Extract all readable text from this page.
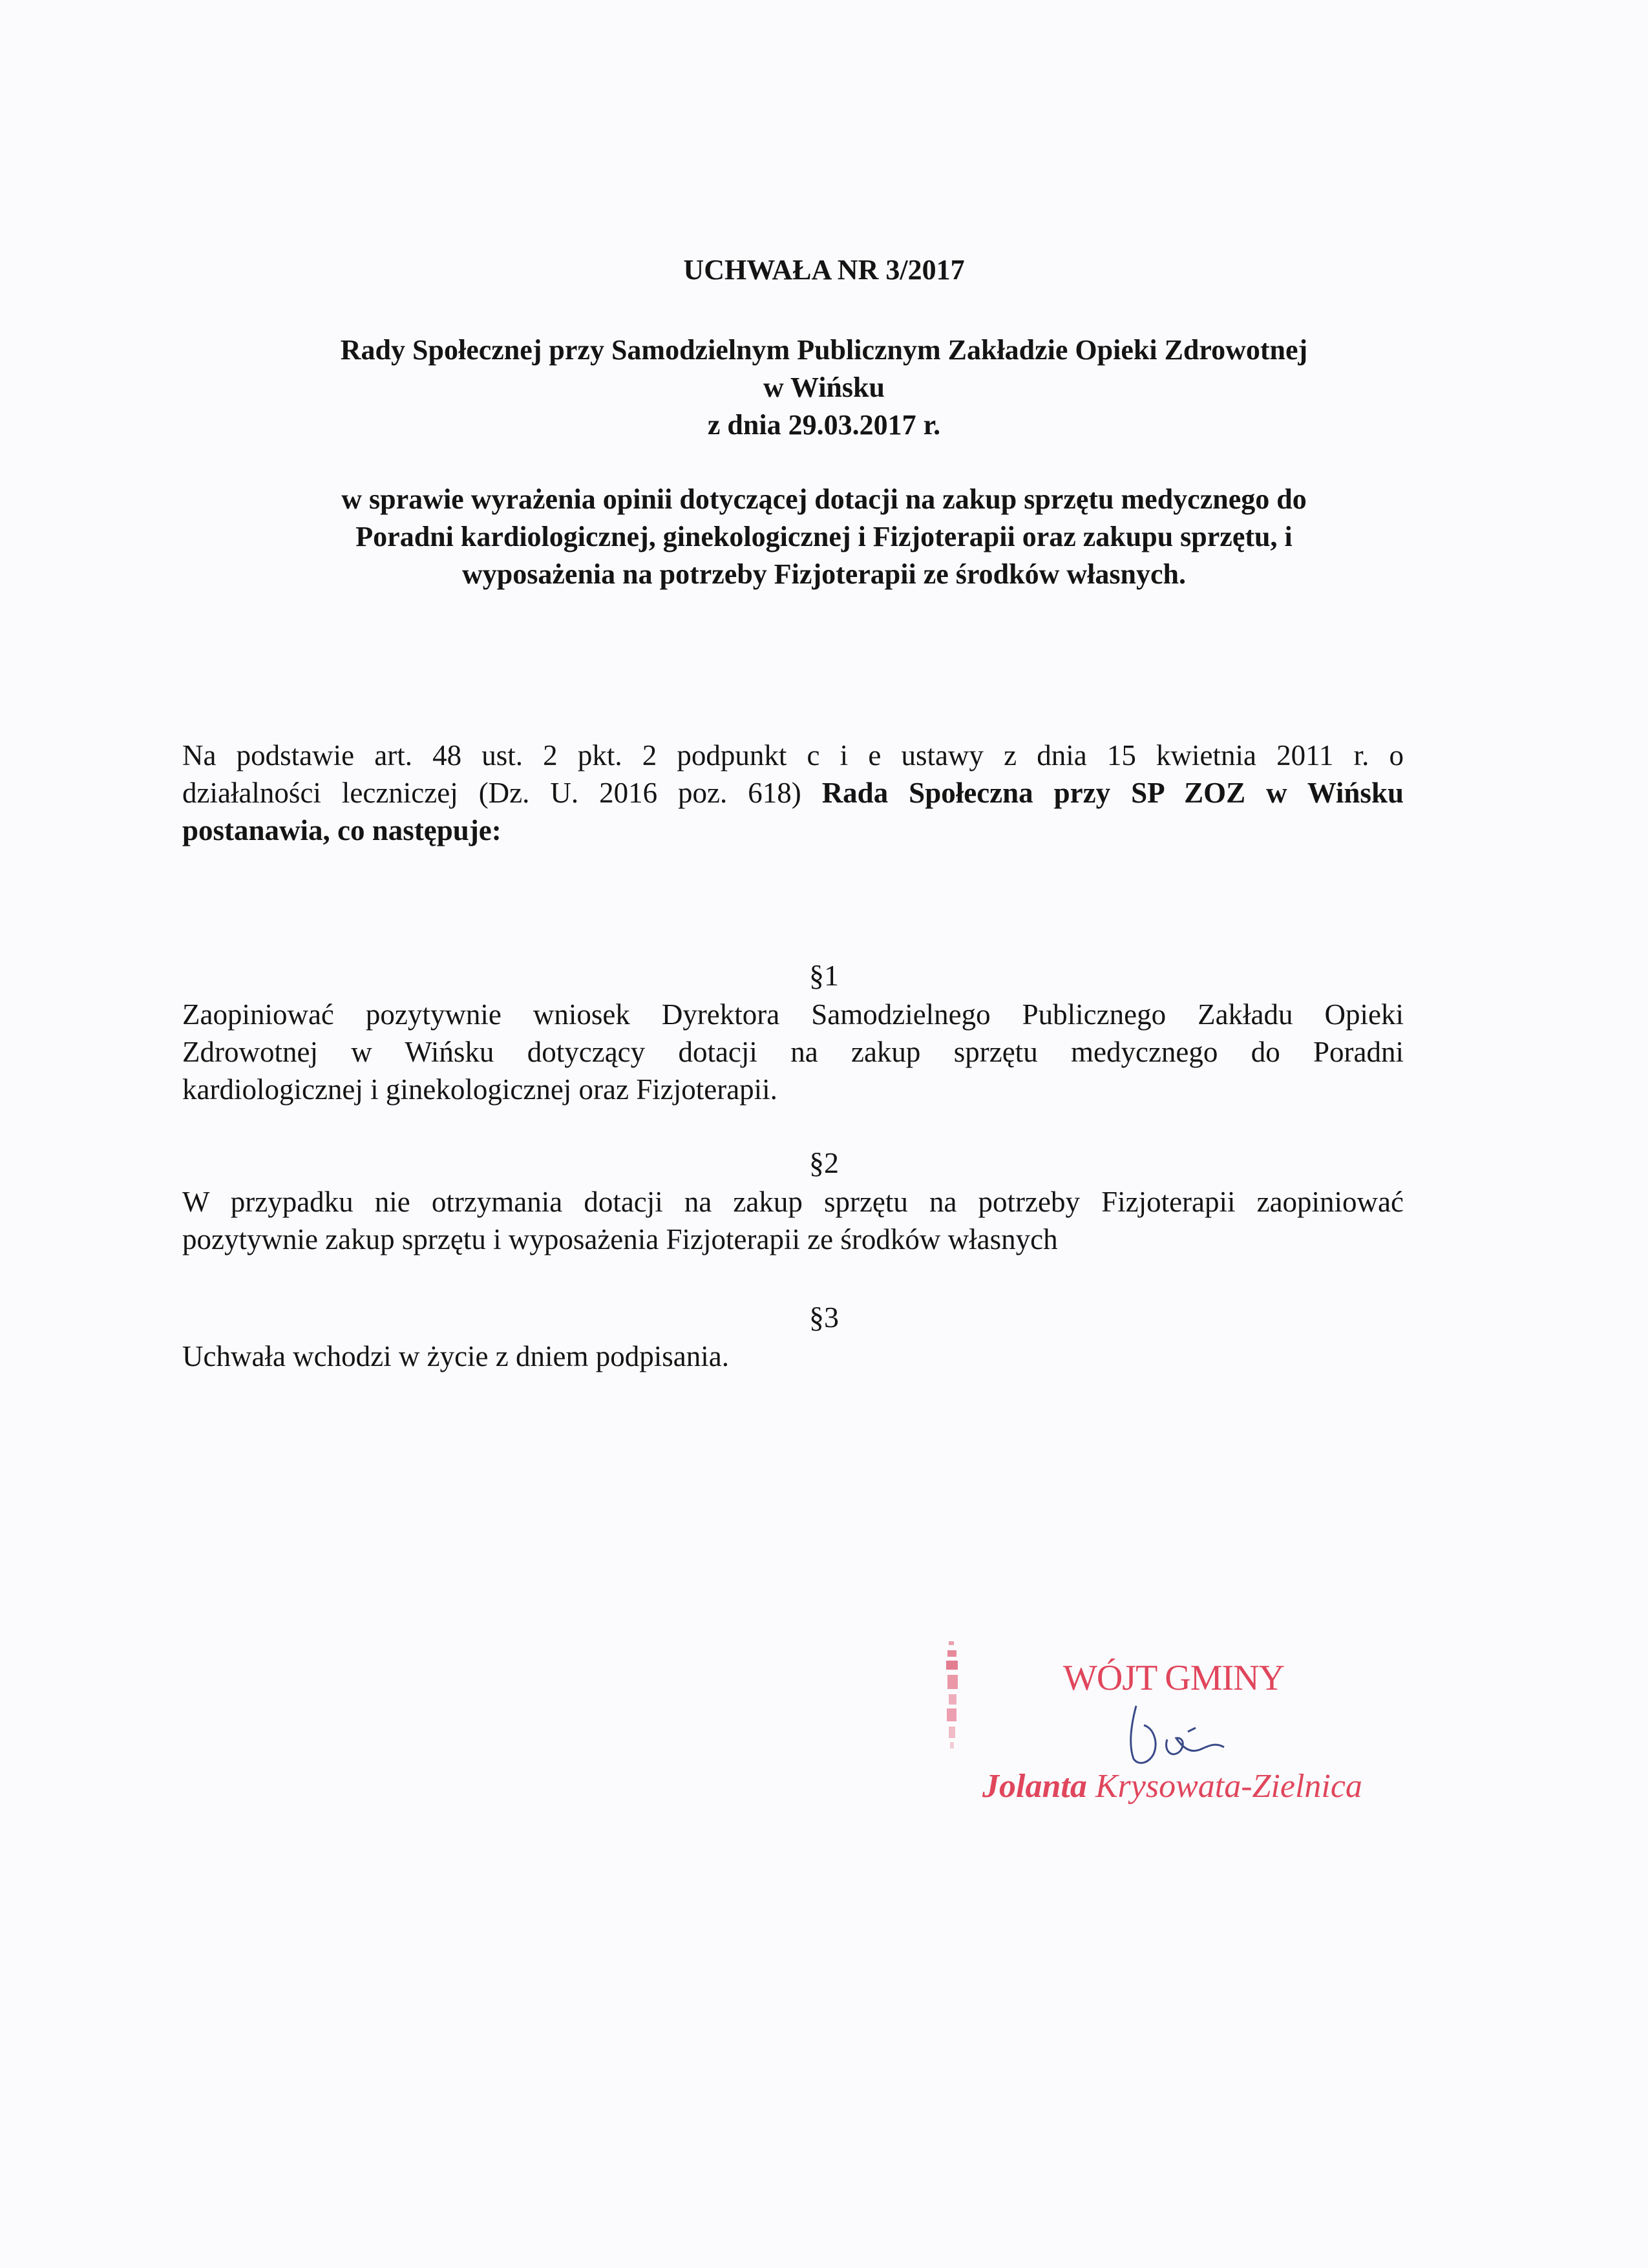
UCHWAŁA NR 3/2017
Rady Społecznej przy Samodzielnym Publicznym Zakładzie Opieki Zdrowotnej
w Wińsku
z dnia 29.03.2017 r.
w sprawie wyrażenia opinii dotyczącej dotacji na zakup sprzętu medycznego do
Poradni kardiologicznej, ginekologicznej i Fizjoterapii oraz zakupu sprzętu, i
wyposażenia na potrzeby Fizjoterapii ze środków własnych.
Na podstawie art. 48 ust. 2 pkt. 2 podpunkt c i e ustawy z dnia 15 kwietnia 2011 r. o
działalności leczniczej (Dz. U. 2016 poz. 618) Rada Społeczna przy SP ZOZ w Wińsku
postanawia, co następuje:
§1
Zaopiniować pozytywnie wniosek Dyrektora Samodzielnego Publicznego Zakładu Opieki
Zdrowotnej w Wińsku dotyczący dotacji na zakup sprzętu medycznego do Poradni
kardiologicznej i ginekologicznej oraz Fizjoterapii.
§2
W przypadku nie otrzymania dotacji na zakup sprzętu na potrzeby Fizjoterapii zaopiniować
pozytywnie zakup sprzętu i wyposażenia Fizjoterapii ze środków własnych
§3
Uchwała wchodzi w życie z dniem podpisania.
WÓJT GMINY
Jolanta Krysowata-Zielnica
